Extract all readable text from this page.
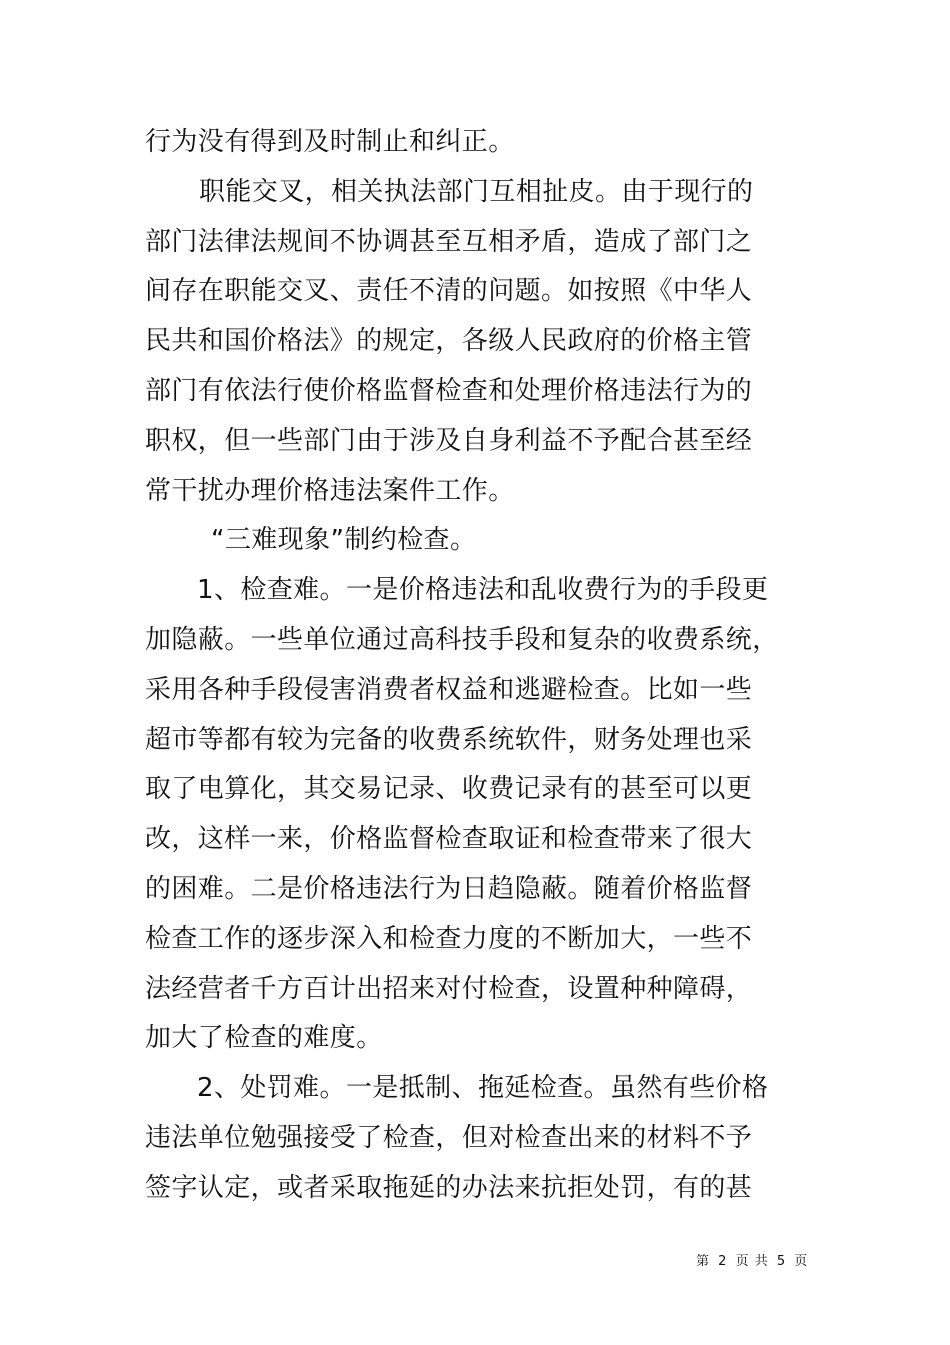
行为没有得到及时制止和纠正。
职能交叉，相关执法部门互相扯皮。由于现行的
部门法律法规间不协调甚至互相矛盾，造成了部门之
间存在职能交叉、责任不清的问题。如按照《中华人
民共和国价格法》的规定，各级人民政府的价格主管
部门有依法行使价格监督检查和处理价格违法行为的
职权，但一些部门由于涉及自身利益不予配合甚至经
常干扰办理价格违法案件工作。
“三难现象”制约检查。
1、检查难。一是价格违法和乱收费行为的手段更
加隐蔽。一些单位通过高科技手段和复杂的收费系统，
采用各种手段侵害消费者权益和逃避检查。比如一些
超市等都有较为完备的收费系统软件，财务处理也采
取了电算化，其交易记录、收费记录有的甚至可以更
改，这样一来，价格监督检查取证和检查带来了很大
的困难。二是价格违法行为日趋隐蔽。随着价格监督
检查工作的逐步深入和检查力度的不断加大，一些不
法经营者千方百计出招来对付检查，设置种种障碍，
加大了检查的难度。
2、处罚难。一是抵制、拖延检查。虽然有些价格
违法单位勉强接受了检查，但对检查出来的材料不予
签字认定，或者采取拖延的办法来抗拒处罚，有的甚
第 2 页 共 5 页
